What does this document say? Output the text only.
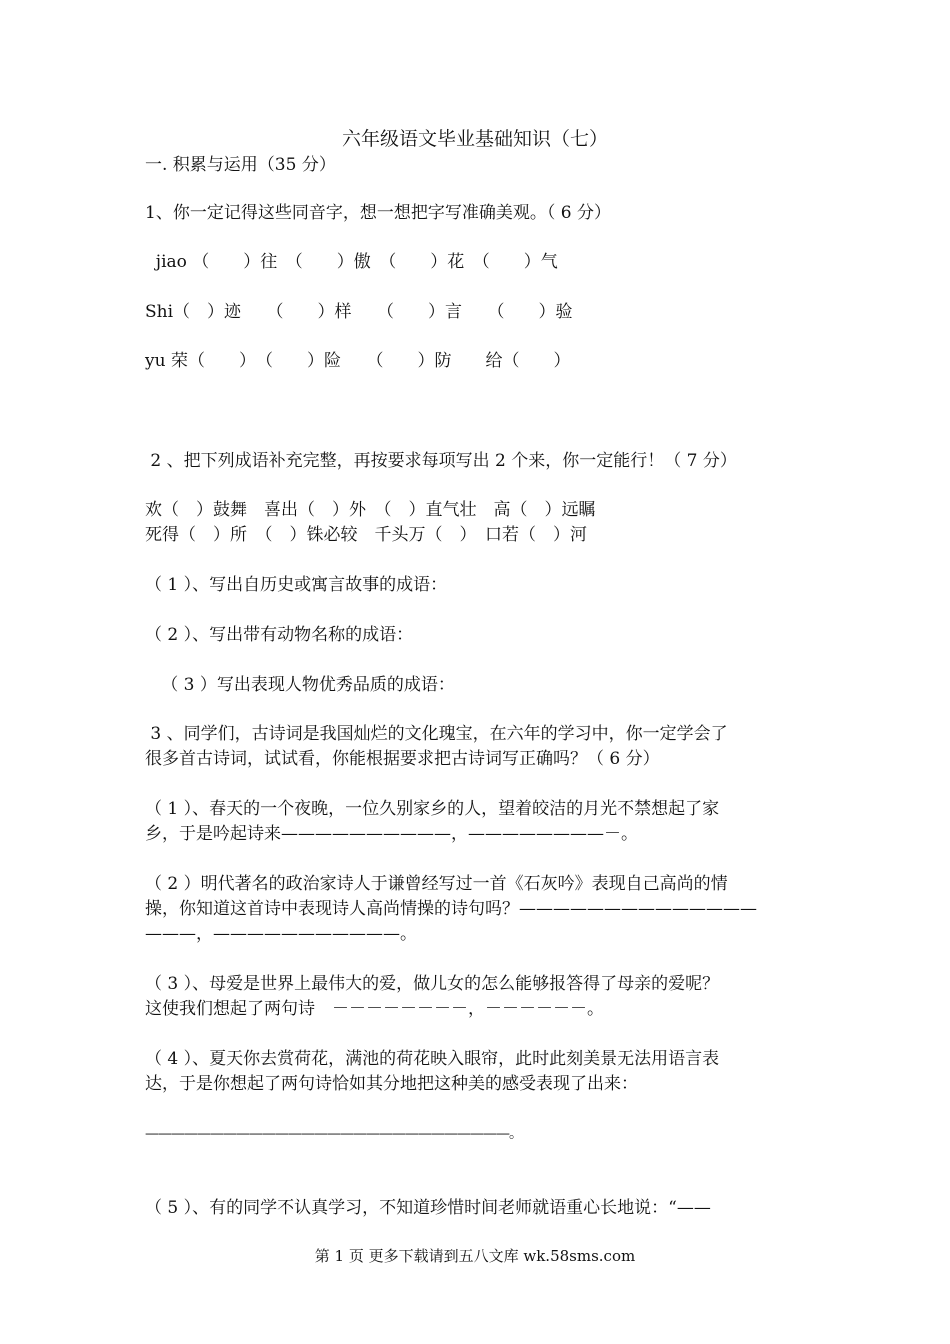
六年级语文毕业基础知识（七）
一. 积累与运用（35 分）
1、你一定记得这些同音字，想一想把字写准确美观。（ 6 分）
jiao （　　）往　（　　）傲　（　　）花　（　　）气
Shi（　）迹　　（　　）样　　（　　）言　　（　　）验
yu 荣（　　）　（　　）险　　（　　）防　　给（　　）
2 、把下列成语补充完整，再按要求每项写出 2 个来，你一定能行！（ 7 分）
欢（　）鼓舞　喜出（　）外　（　）直气壮　高（　）远瞩
死得（　）所　（　）铢必较　千头万（　）　口若（　）河
（ 1 ）、写出自历史或寓言故事的成语：
（ 2 ）、写出带有动物名称的成语：
（ 3 ）写出表现人物优秀品质的成语：
3 、同学们，古诗词是我国灿烂的文化瑰宝，在六年的学习中，你一定学会了
很多首古诗词，试试看，你能根据要求把古诗词写正确吗？（ 6 分）
（ 1 ）、春天的一个夜晚，一位久别家乡的人，望着皎洁的月光不禁想起了家
乡，于是吟起诗来——————————，————————－。
（ 2 ）明代著名的政治家诗人于谦曾经写过一首《石灰吟》表现自己高尚的情
操，你知道这首诗中表现诗人高尚情操的诗句吗？——————————————
———，———————————。
（ 3 ）、母爱是世界上最伟大的爱，做儿女的怎么能够报答得了母亲的爱呢？
这使我们想起了两句诗　－－－－－－－－，－－－－－－。
（ 4 ）、夏天你去赏荷花，满池的荷花映入眼帘，此时此刻美景无法用语言表
达，于是你想起了两句诗恰如其分地把这种美的感受表现了出来：
————————————————————————————。
（ 5 ）、有的同学不认真学习，不知道珍惜时间老师就语重心长地说：“——
第 1 页 更多下载请到五八文库 wk.58sms.com
